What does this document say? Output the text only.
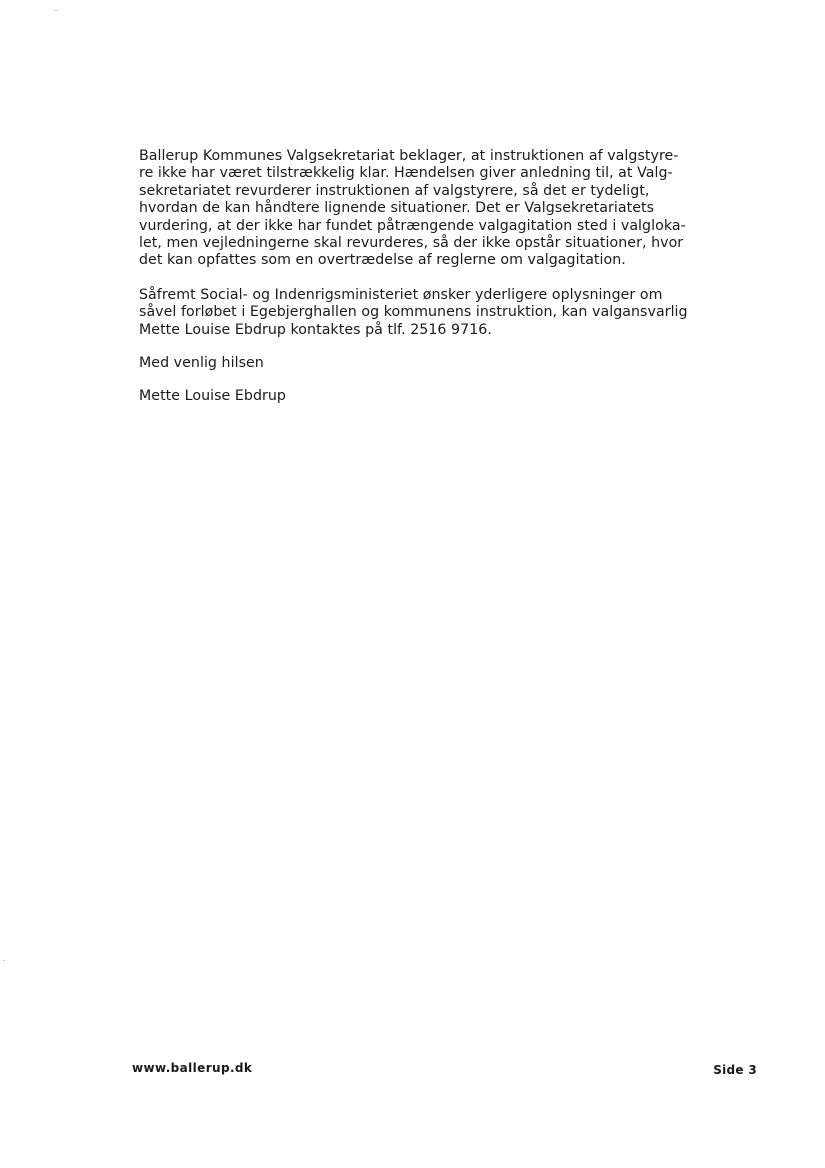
Ballerup Kommunes Valgsekretariat beklager, at instruktionen af valgstyre-
re ikke har været tilstrækkelig klar. Hændelsen giver anledning til, at Valg-
sekretariatet revurderer instruktionen af valgstyrere, så det er tydeligt,
hvordan de kan håndtere lignende situationer. Det er Valgsekretariatets
vurdering, at der ikke har fundet påtrængende valgagitation sted i valgloka-
let, men vejledningerne skal revurderes, så der ikke opstår situationer, hvor
det kan opfattes som en overtrædelse af reglerne om valgagitation.

Såfremt Social- og Indenrigsministeriet ønsker yderligere oplysninger om
såvel forløbet i Egebjerghallen og kommunens instruktion, kan valgansvarlig
Mette Louise Ebdrup kontaktes på tlf. 2516 9716.

Med venlig hilsen

Mette Louise Ebdrup

www.ballerup.dk	Side 3
